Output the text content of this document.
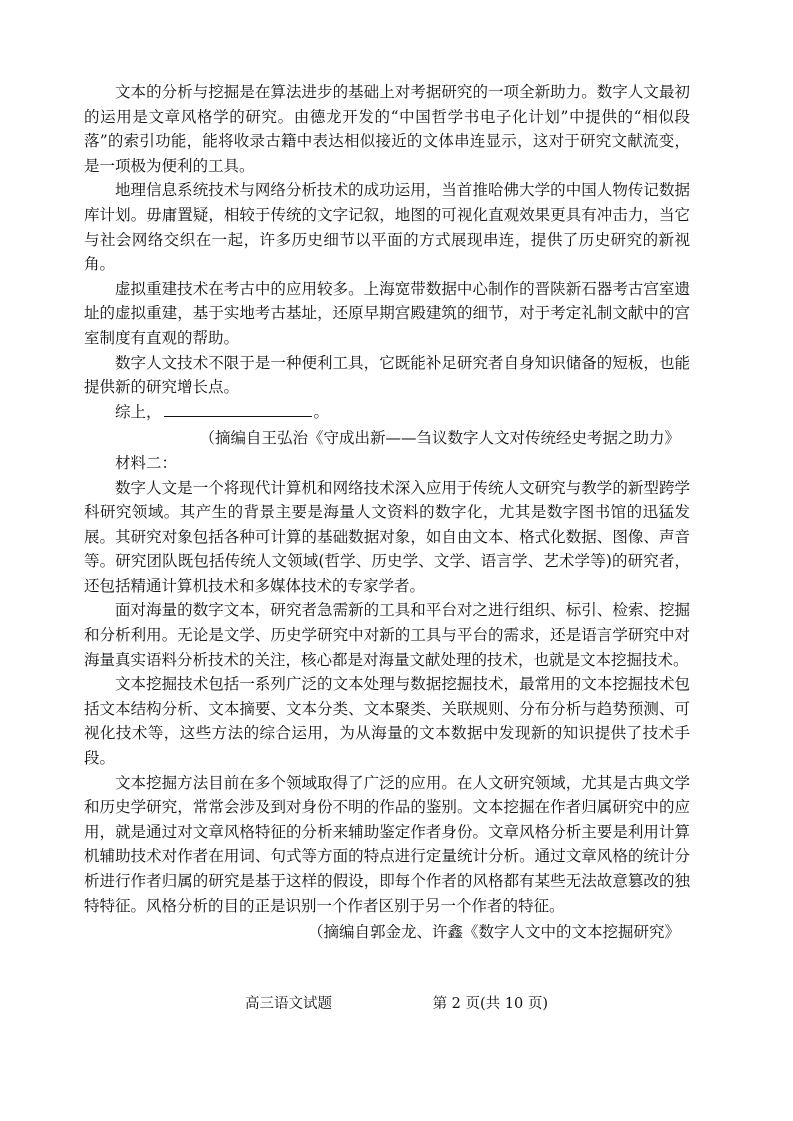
文本的分析与挖掘是在算法进步的基础上对考据研究的一项全新助力。数字人文最初的运用是文章风格学的研究。由德龙开发的“中国哲学书电子化计划”中提供的“相似段落”的索引功能，能将收录古籍中表达相似接近的文体串连显示，这对于研究文献流变，是一项极为便利的工具。

地理信息系统技术与网络分析技术的成功运用，当首推哈佛大学的中国人物传记数据库计划。毋庸置疑，相较于传统的文字记叙，地图的可视化直观效果更具有冲击力，当它与社会网络交织在一起，许多历史细节以平面的方式展现串连，提供了历史研究的新视角。

虚拟重建技术在考古中的应用较多。上海宽带数据中心制作的晋陕新石器考古宫室遗址的虚拟重建，基于实地考古基址，还原早期宫殿建筑的细节，对于考定礼制文献中的宫室制度有直观的帮助。

数字人文技术不限于是一种便利工具，它既能补足研究者自身知识储备的短板，也能提供新的研究增长点。

综上，	。

（摘编自王弘治《守成出新——刍议数字人文对传统经史考据之助力》

材料二：

数字人文是一个将现代计算机和网络技术深入应用于传统人文研究与教学的新型跨学科研究领域。其产生的背景主要是海量人文资料的数字化，尤其是数字图书馆的迅猛发展。其研究对象包括各种可计算的基础数据对象，如自由文本、格式化数据、图像、声音等。研究团队既包括传统人文领域(哲学、历史学、文学、语言学、艺术学等)的研究者，还包括精通计算机技术和多媒体技术的专家学者。

面对海量的数字文本，研究者急需新的工具和平台对之进行组织、标引、检索、挖掘和分析利用。无论是文学、历史学研究中对新的工具与平台的需求，还是语言学研究中对海量真实语料分析技术的关注，核心都是对海量文献处理的技术，也就是文本挖掘技术。

文本挖掘技术包括一系列广泛的文本处理与数据挖掘技术，最常用的文本挖掘技术包括文本结构分析、文本摘要、文本分类、文本聚类、关联规则、分布分析与趋势预测、可视化技术等，这些方法的综合运用，为从海量的文本数据中发现新的知识提供了技术手段。

文本挖掘方法目前在多个领域取得了广泛的应用。在人文研究领域，尤其是古典文学和历史学研究，常常会涉及到对身份不明的作品的鉴别。文本挖掘在作者归属研究中的应用，就是通过对文章风格特征的分析来辅助鉴定作者身份。文章风格分析主要是利用计算机辅助技术对作者在用词、句式等方面的特点进行定量统计分析。通过文章风格的统计分析进行作者归属的研究是基于这样的假设，即每个作者的风格都有某些无法故意篡改的独特特征。风格分析的目的正是识别一个作者区别于另一个作者的特征。

（摘编自郭金龙、许鑫《数字人文中的文本挖掘研究》

高三语文试题	第 2 页(共 10 页)
